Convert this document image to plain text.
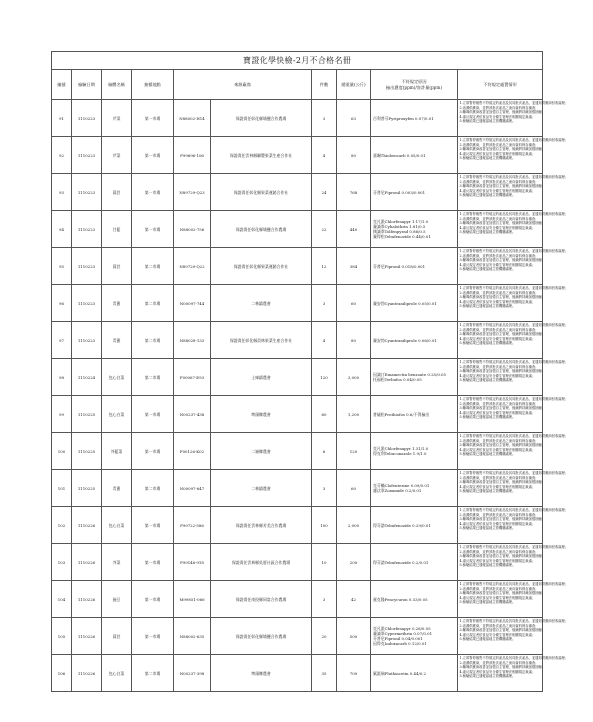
寶證化學快檢-2月不合格名冊									
編號	檢驗日期	檢體名稱	抽樣地點	來源廠商		件數	總重量(公斤)	不符規定原因
檢出濃度(ppm)/容許量(ppm)	不符規定處置情形
91	1110223	芹菜	第一市場	N88002-H14	保證責任彰化縣埔鹽合作農場	3	63	百利普芬Pyriproxyfen 0.07/0.01	1.立即暫停販售不符規定的產品及其同批次產品，並通知供應商回收處理；
2.追溯供應商，並將該批次產品之流向資料保存備查；
3.輔導供應商改善並加強自主管理，後續將持續加強抽驗；
4.違反規定者依食品安全衛生管理法相關規定裁處；
5.檢驗結果已通報當地主管機關處理。

92	1110223	芹菜	第一市場	F99696-106	保證責任雲林縣聯豐果菜生產合作社	4	80	嘉賜Thiobencarb 0.05/0.01	1.立即暫停販售不符規定的產品及其同批次產品，並通知供應商回收處理；
2.追溯供應商，並將該批次產品之流向資料保存備查；
3.輔導供應商改善並加強自主管理，後續將持續加強抽驗；
4.違反規定者依食品安全衛生管理法相關規定裁處；
5.檢驗結果已通報當地主管機關處理。

93	1110223	萵苣	第一市場	N89729-Q23	保證責任彰化縣果菜運銷合作社	24	768	芬普尼Fipronil 0.003/0.001	1.立即暫停販售不符規定的產品及其同批次產品，並通知供應商回收處理；
2.追溯供應商，並將該批次產品之流向資料保存備查；
3.輔導供應商改善並加強自主管理，後續將持續加強抽驗；
4.違反規定者依食品安全衛生管理法相關規定裁處；
5.檢驗結果已通報當地主管機關處理。

94	1110223	甘藍	第一市場	N88002-756	保證責任彰化縣埔鹽合作農場	22	440	克凡派Chlorfenapyr 1.17/1.0
賽滅寧Cyhalothrin 1.81/0.5
撲滅寧Tolfenpyrad 0.86/0.5
賽得松Tebufenozide 0.44/0.01	1.立即暫停販售不符規定的產品及其同批次產品，並通知供應商回收處理；
2.追溯供應商，並將該批次產品之流向資料保存備查；
3.輔導供應商改善並加強自主管理，後續將持續加強抽驗；
4.違反規定者依食品安全衛生管理法相關規定裁處；
5.檢驗結果已通報當地主管機關處理。

95	1110223	萵苣	第二市場	N89729-Q22	保證責任彰化縣果菜運銷合作社	12	384	芬普尼Fipronil 0.018/0.001	1.立即暫停販售不符規定的產品及其同批次產品，並通知供應商回收處理；
2.追溯供應商，並將該批次產品之流向資料保存備查；
3.輔導供應商改善並加強自主管理，後續將持續加強抽驗；
4.違反規定者依食品安全衛生管理法相關規定裁處；
5.檢驗結果已通報當地主管機關處理。

96	1110223	青蔥	第二市場	N00097-744	二林鎮農會	3	60	賽安勃Cyantraniliprole 0.05/0.01	1.立即暫停販售不符規定的產品及其同批次產品，並通知供應商回收處理；
2.追溯供應商，並將該批次產品之流向資料保存備查；
3.輔導供應商改善並加強自主管理，後續將持續加強抽驗；
4.違反規定者依食品安全衛生管理法相關規定裁處；
5.檢驗結果已通報當地主管機關處理。

97	1110223	青蔥	第二市場	N88028-133	保證責任彰化縣員林果菜生產合作社	4	80	賽安勃Cyantraniliprole 0.06/0.01	1.立即暫停販售不符規定的產品及其同批次產品，並通知供應商回收處理；
2.追溯供應商，並將該批次產品之流向資料保存備查；
3.輔導供應商改善並加強自主管理，後續將持續加強抽驗；
4.違反規定者依食品安全衛生管理法相關規定裁處；
5.檢驗結果已通報當地主管機關處理。

98	1110224	包心白菜	第二市場	F00067-E93	土庫鎮農會	120	3,000	因滅汀Emamectin benzoate 0.25/0.05
托福松Terbufos 0.04/0.05	1.立即暫停販售不符規定的產品及其同批次產品，並通知供應商回收處理；
2.追溯供應商，並將該批次產品之流向資料保存備查；
3.輔導供應商改善並加強自主管理，後續將持續加強抽驗；
4.違反規定者依食品安全衛生管理法相關規定裁處；
5.檢驗結果已通報當地主管機關處理。

99	1110225	包心白菜	第一市場	N00237-438	埤頭鄉農會	60	1,200	普硫松Prothiofos 0.6/不得檢出	1.立即暫停販售不符規定的產品及其同批次產品，並通知供應商回收處理；
2.追溯供應商，並將該批次產品之流向資料保存備查；
3.輔導供應商改善並加強自主管理，後續將持續加強抽驗；
4.違反規定者依食品安全衛生管理法相關規定裁處；
5.檢驗結果已通報當地主管機關處理。

100	1110225	芥藍菜	第一市場	F00126-K02	二崙鄉農會	6	120	克凡派Chlorfenapyr 1.31/1.0
得克利Tebuconazole 1.9/1.0	1.立即暫停販售不符規定的產品及其同批次產品，並通知供應商回收處理；
2.追溯供應商，並將該批次產品之流向資料保存備查；
3.輔導供應商改善並加強自主管理，後續將持續加強抽驗；
4.違反規定者依食品安全衛生管理法相關規定裁處；
5.檢驗結果已通報當地主管機關處理。

101	1110225	青蔥	第二市場	N00097-647	二林鎮農會	3	60	克芬蟎Clofentezine 0.09/0.01
護汰寧Zoxamide 0.2/0.01	1.立即暫停販售不符規定的產品及其同批次產品，並通知供應商回收處理；
2.追溯供應商，並將該批次產品之流向資料保存備查；
3.輔導供應商改善並加強自主管理，後續將持續加強抽驗；
4.違反規定者依食品安全衛生管理法相關規定裁處；
5.檢驗結果已通報當地主管機關處理。

102	1110226	包心白菜	第一市場	P99722-586	保證責任雲林縣芳美合作農場	100	2,000	得芬諾Tebufenozide 0.29/0.01	1.立即暫停販售不符規定的產品及其同批次產品，並通知供應商回收處理；
2.追溯供應商，並將該批次產品之流向資料保存備查；
3.輔導供應商改善並加強自主管理，後續將持續加強抽驗；
4.違反規定者依食品安全衛生管理法相關規定裁處；
5.檢驗結果已通報當地主管機關處理。

103	1110226	芥菜	第一市場	P99146-918	保證責任雲林縣吳厝社區合作農場	10	200	得芬諾Tebufenozide 0.2/0.01	1.立即暫停販售不符規定的產品及其同批次產品，並通知供應商回收處理；
2.追溯供應商，並將該批次產品之流向資料保存備查；
3.輔導供應商改善並加強自主管理，後續將持續加強抽驗；
4.違反規定者依食品安全衛生管理法相關規定裁處；
5.檢驗結果已通報當地主管機關處理。

104	1110226	豌豆	第一市場	M99851-066	保證責任南投縣同富合作農場	3	42	賓克隆Pencycuron 0.33/0.05	1.立即暫停販售不符規定的產品及其同批次產品，並通知供應商回收處理；
2.追溯供應商，並將該批次產品之流向資料保存備查；
3.輔導供應商改善並加強自主管理，後續將持續加強抽驗；
4.違反規定者依食品安全衛生管理法相關規定裁處；
5.檢驗結果已通報當地主管機關處理。

105	1110226	萵苣	第一市場	N88002-635	保證責任彰化縣埔鹽合作農場	20	500	克凡派Chlorfenapyr 0.28/0.05
賽滅寧Cypermethrin 0.07/0.01
芬普尼Fipronil 0.04/0.001
因得克Indoxacarb 0.12/0.01	1.立即暫停販售不符規定的產品及其同批次產品，並通知供應商回收處理；
2.追溯供應商，並將該批次產品之流向資料保存備查；
3.輔導供應商改善並加強自主管理，後續將持續加強抽驗；
4.違反規定者依食品安全衛生管理法相關規定裁處；
5.檢驗結果已通報當地主管機關處理。

106	1110226	包心白菜	第二市場	N00237-398	埤頭鄉農會	35	700	氟派瑞Fluthiacetin 0.44/0.2	1.立即暫停販售不符規定的產品及其同批次產品，並通知供應商回收處理；
2.追溯供應商，並將該批次產品之流向資料保存備查；
3.輔導供應商改善並加強自主管理，後續將持續加強抽驗；
4.違反規定者依食品安全衛生管理法相關規定裁處；
5.檢驗結果已通報當地主管機關處理。
